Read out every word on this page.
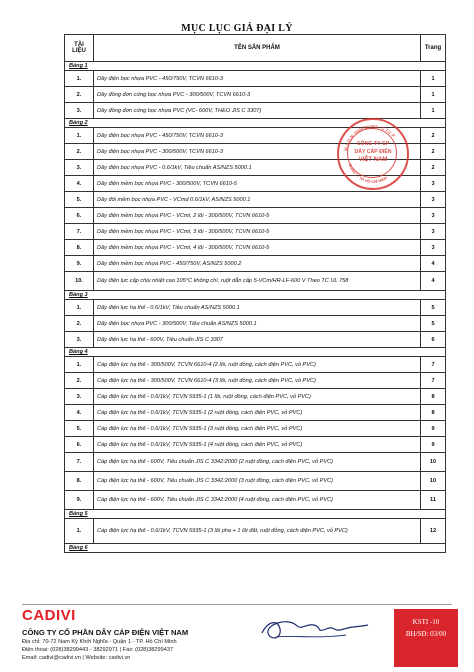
MỤC LỤC GIÁ ĐẠI LÝ
TÀI LIỆU	TÊN SẢN PHẨM	Trang
Bảng 1		
1.	Dây điện bọc nhựa PVC - 450/750V, TCVN 6610-3	1
2.	Dây đồng đơn cứng bọc nhựa PVC - 300/500V, TCVN 6610-3	1
3.	Dây đồng đơn cứng bọc nhựa PVC (VC- 600V, THEO JIS C 3307)	1
Bảng 2		
1.	Dây điện bọc nhựa PVC - 450/750V, TCVN 6610-3	2
2.	Dây điện bọc nhựa PVC - 300/500V, TCVN 6610-3	2
3.	Dây điện bọc nhựa PVC - 0.6/1kV, Tiêu chuẩn AS/NZS 5000.1	2
4.	Dây điện mềm bọc nhựa PVC - 300/500V, TCVN 6610-5	3
5.	Dây đôi mềm bọc nhựa PVC - VCmd 0.6/1kV, AS/NZS 5000.1	3
6.	Dây điện mềm bọc nhựa PVC - VCmt, 2 lõi - 300/500V, TCVN 6610-5	3
7.	Dây điện mềm bọc nhựa PVC - VCmt, 3 lõi - 300/500V, TCVN 6610-5	3
8.	Dây điện mềm bọc nhựa PVC - VCmt, 4 lõi - 300/500V, TCVN 6610-5	3
9.	Dây điện mềm bọc nhựa PVC - 450/750V, AS/NZS 5000.2	4
10.	Dây điện lực cấp chịu nhiệt cao 105°C không chì, ruột dẫn cấp 5-VCm/HR-LF-600 V Theo TC UL 758	4
Bảng 3		
1.	Dây điện lực hạ thế - 0.6/1kV, Tiêu chuẩn AS/NZS 5000.1	5
2.	Dây điện bọc nhựa PVC - 300/500V, Tiêu chuẩn AS/NZS 5000.1	5
3.	Dây điện lực hạ thế - 600V, Tiêu chuẩn JIS C 3307	6
Bảng 4		
1.	Cáp điện lực hạ thế - 300/500V, TCVN 6610-4 (2 lõi, ruột đồng, cách điện PVC, vỏ PVC)	7
2.	Cáp điện lực hạ thế - 300/500V, TCVN 6610-4 (3 lõi, ruột đồng, cách điện PVC, vỏ PVC)	7
3.	Cáp điện lực hạ thế - 0.6/1kV, TCVN 5935-1 (1 lõi, ruột đồng, cách điện PVC, vỏ PVC)	8
4.	Cáp điện lực hạ thế - 0.6/1kV, TCVN 5935-1 (2 ruột đồng, cách điện PVC, vỏ PVC)	8
5.	Cáp điện lực hạ thế - 0.6/1kV, TCVN 5935-1 (3 ruột đồng, cách điện PVC, vỏ PVC)	9
6.	Cáp điện lực hạ thế - 0.6/1kV, TCVN 5935-1 (4 ruột đồng, cách điện PVC, vỏ PVC)	9
7.	Cáp điện lực hạ thế - 600V, Tiêu chuẩn JIS C 3342:2000 (2 ruột đồng, cách điện PVC, vỏ PVC)	10
8.	Cáp điện lực hạ thế - 600V, Tiêu chuẩn JIS C 3342:2000 (3 ruột đồng, cách điện PVC, vỏ PVC)	10
9.	Cáp điện lực hạ thế - 600V, Tiêu chuẩn JIS C 3342:2000 (4 ruột đồng, cách điện PVC, vỏ PVC)	11
Bảng 5		
1.	Cáp điện lực hạ thế - 0.6/1kV, TCVN 5935-1 (3 lõi pha + 1 lõi đất, ruột đồng, cách điện PVC, vỏ PVC)	12
Bảng 6		
M.S.D.N: 0300381564 - C.T.C.P
QUẬN 1 - TP. HỒ CHÍ MINH
CÔNG TY CP
DÂY CÁP ĐIỆN
VIỆT NAM
CADIVI
CÔNG TY CỔ PHẦN DÂY CÁP ĐIỆN VIỆT NAM
Địa chỉ: 70-72 Nam Kỳ Khởi Nghĩa - Quận 1 - TP. Hồ Chí Minh
Điện thoại: (028)38299443 - 38292971 | Fax: (028)38299437
Email: cadivi@cadivi.vn | Website: cadivi.vn
KSTI -10
BH/SĐ: 03/00
